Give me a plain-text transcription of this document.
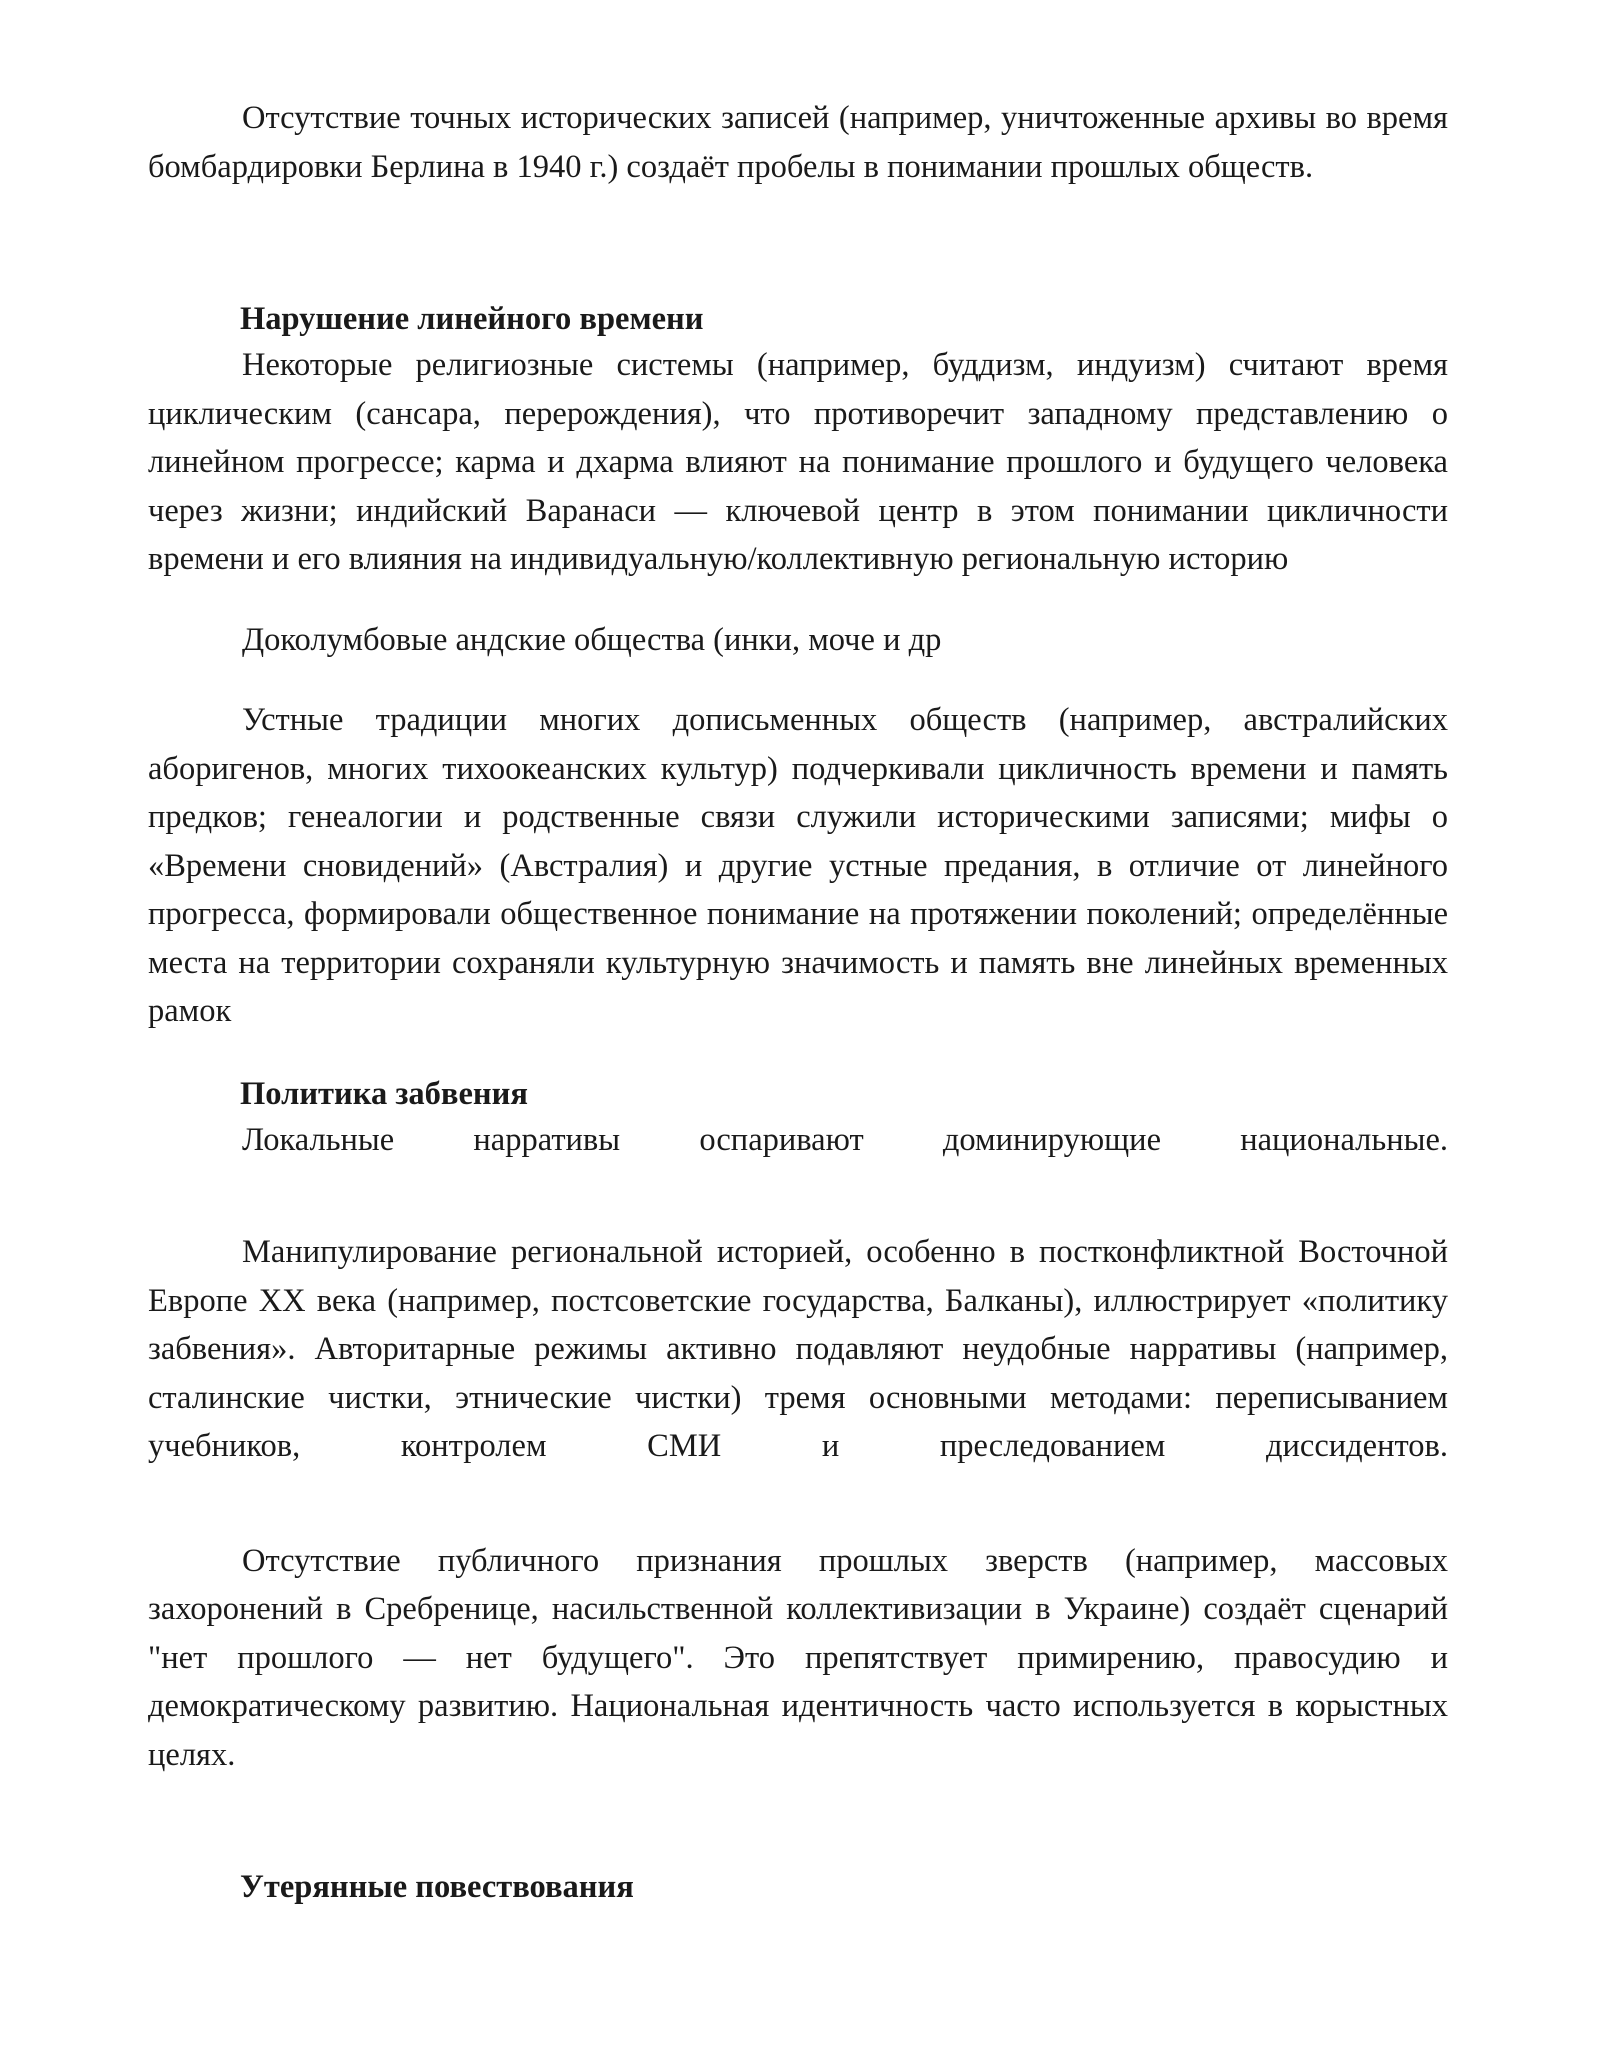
Отсутствие точных исторических записей (например, уничтоженные архивы во время бомбардировки Берлина в 1940 г.) создаёт пробелы в понимании прошлых обществ.

Нарушение линейного времени

Некоторые религиозные системы (например, буддизм, индуизм) считают время циклическим (сансара, перерождения), что противоречит западному представлению о линейном прогрессе; карма и дхарма влияют на понимание прошлого и будущего человека через жизни; индийский Варанаси — ключевой центр в этом понимании цикличности времени и его влияния на индивидуальную/коллективную региональную историю

Доколумбовые андские общества (инки, моче и др

Устные традиции многих дописьменных обществ (например, австралийских аборигенов, многих тихоокеанских культур) подчеркивали цикличность времени и память предков; генеалогии и родственные связи служили историческими записями; мифы о «Времени сновидений» (Австралия) и другие устные предания, в отличие от линейного прогресса, формировали общественное понимание на протяжении поколений; определённые места на территории сохраняли культурную значимость и память вне линейных временных рамок

Политика забвения

Локальные нарративы оспаривают доминирующие национальные.

Манипулирование региональной историей, особенно в постконфликтной Восточной Европе XX века (например, постсоветские государства, Балканы), иллюстрирует «политику забвения». Авторитарные режимы активно подавляют неудобные нарративы (например, сталинские чистки, этнические чистки) тремя основными методами: переписыванием учебников, контролем СМИ и преследованием диссидентов.

Отсутствие публичного признания прошлых зверств (например, массовых захоронений в Сребренице, насильственной коллективизации в Украине) создаёт сценарий "нет прошлого — нет будущего". Это препятствует примирению, правосудию и демократическому развитию. Национальная идентичность часто используется в корыстных целях.

Утерянные повествования
